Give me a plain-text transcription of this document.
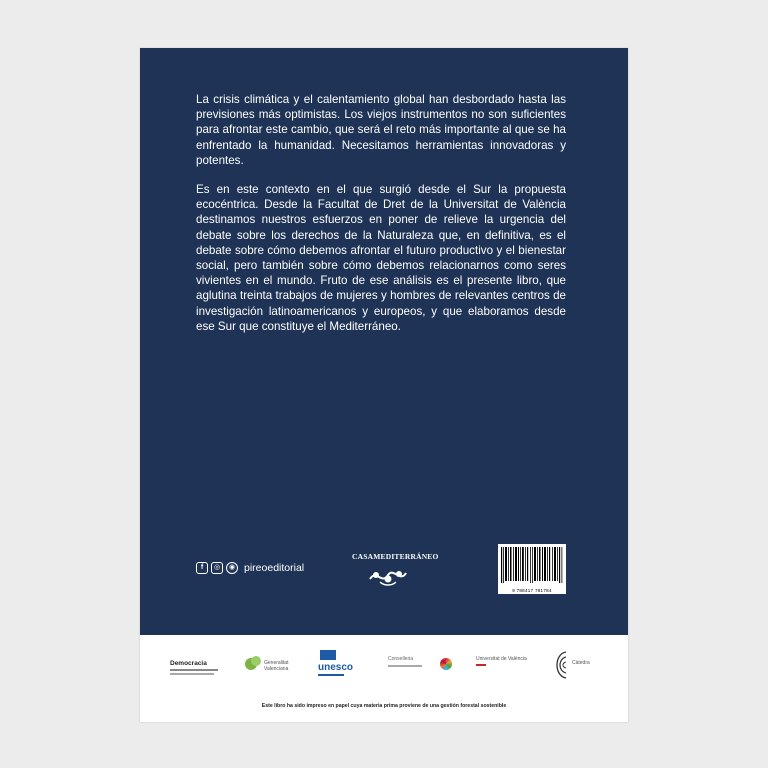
La crisis climática y el calentamiento global han desbordado hasta las previsiones más optimistas. Los viejos instrumentos no son suficientes para afrontar este cambio, que será el reto más importante al que se ha enfrentado la humanidad. Necesitamos herramientas innovadoras y potentes.

Es en este contexto en el que surgió desde el Sur la propuesta ecocéntrica. Desde la Facultat de Dret de la Universitat de València destinamos nuestros esfuerzos en poner de relieve la urgencia del debate sobre los derechos de la Naturaleza que, en definitiva, es el debate sobre cómo debemos afrontar el futuro productivo y el bienestar social, pero también sobre cómo debemos relacionarnos como seres vivientes en el mundo. Fruto de ese análisis es el presente libro, que aglutina treinta trabajos de mujeres y hombres de relevantes centros de investigación latinoamericanos y europeos, y que elaboramos desde ese Sur que constituye el Mediterráneo.

f	◎	◉ pireoeditorial
CASAMEDITERRÁNEO
9 788417 781784
Democracia	Generalitat Valenciana	unesco
Conselleria	Universitat de València
Càtedra
Este libro ha sido impreso en papel cuya materia prima proviene de una gestión forestal sostenible
